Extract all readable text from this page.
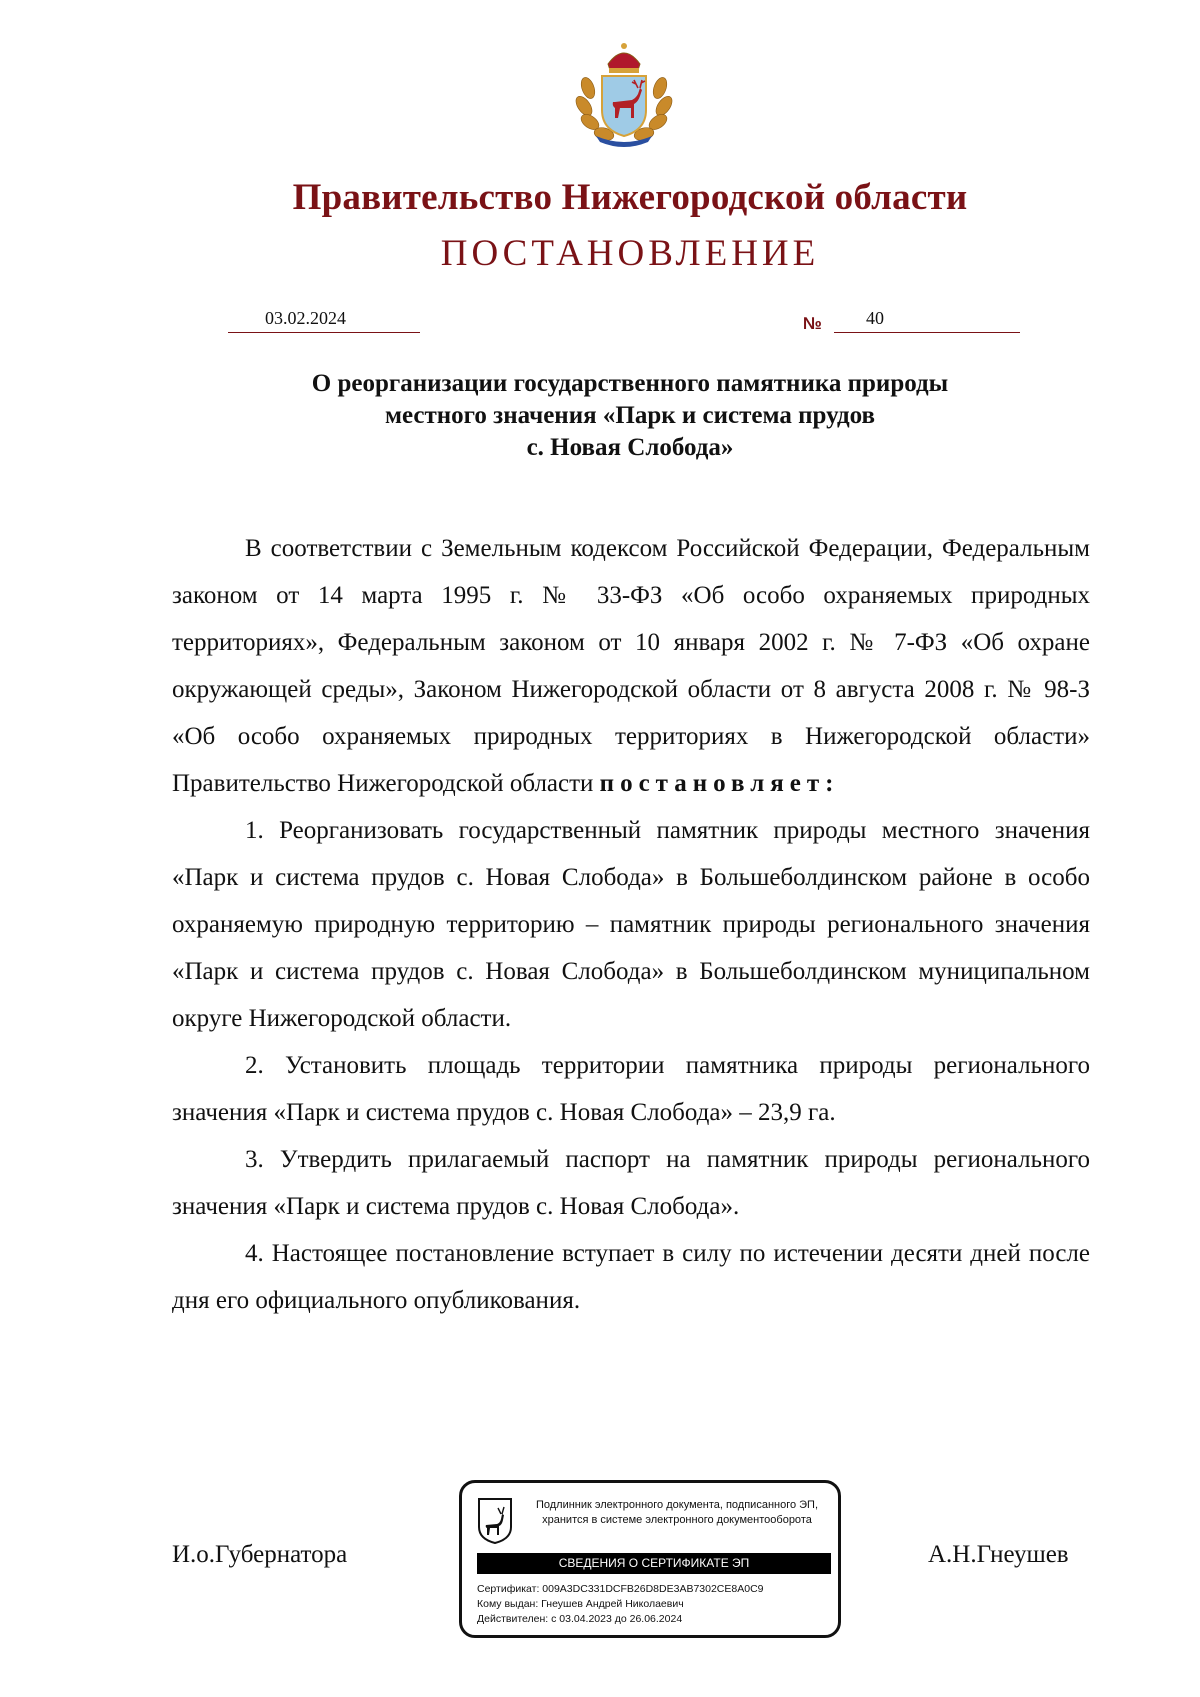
Правительство Нижегородской области
ПОСТАНОВЛЕНИЕ
03.02.2024	№ 40
О реорганизации государственного памятника природы
местного значения «Парк и система прудов
с. Новая Слобода»

В соответствии с Земельным кодексом Российской Федерации, Федеральным законом от 14 марта 1995 г. № 33-ФЗ «Об особо охраняемых природных территориях», Федеральным законом от 10 января 2002 г. № 7-ФЗ «Об охране окружающей среды», Законом Нижегородской области от 8 августа 2008 г. № 98-З «Об особо охраняемых природных территориях в Нижегородской области» Правительство Нижегородской области постановляет:

1. Реорганизовать государственный памятник природы местного значения «Парк и система прудов с. Новая Слобода» в Большеболдинском районе в особо охраняемую природную территорию – памятник природы регионального значения «Парк и система прудов с. Новая Слобода» в Большеболдинском муниципальном округе Нижегородской области.

2. Установить площадь территории памятника природы регионального значения «Парк и система прудов с. Новая Слобода» – 23,9 га.

3. Утвердить прилагаемый паспорт на памятник природы регионального значения «Парк и система прудов с. Новая Слобода».

4. Настоящее постановление вступает в силу по истечении десяти дней после дня его официального опубликования.

И.о.Губернатора	А.Н.Гнеушев
Подлинник электронного документа, подписанного ЭП,
хранится в системе электронного документооборота
СВЕДЕНИЯ О СЕРТИФИКАТЕ ЭП
Сертификат: 009A3DC331DCFB26D8DE3AB7302CE8A0C9
Кому выдан: Гнеушев Андрей Николаевич
Действителен: с 03.04.2023 до 26.06.2024
